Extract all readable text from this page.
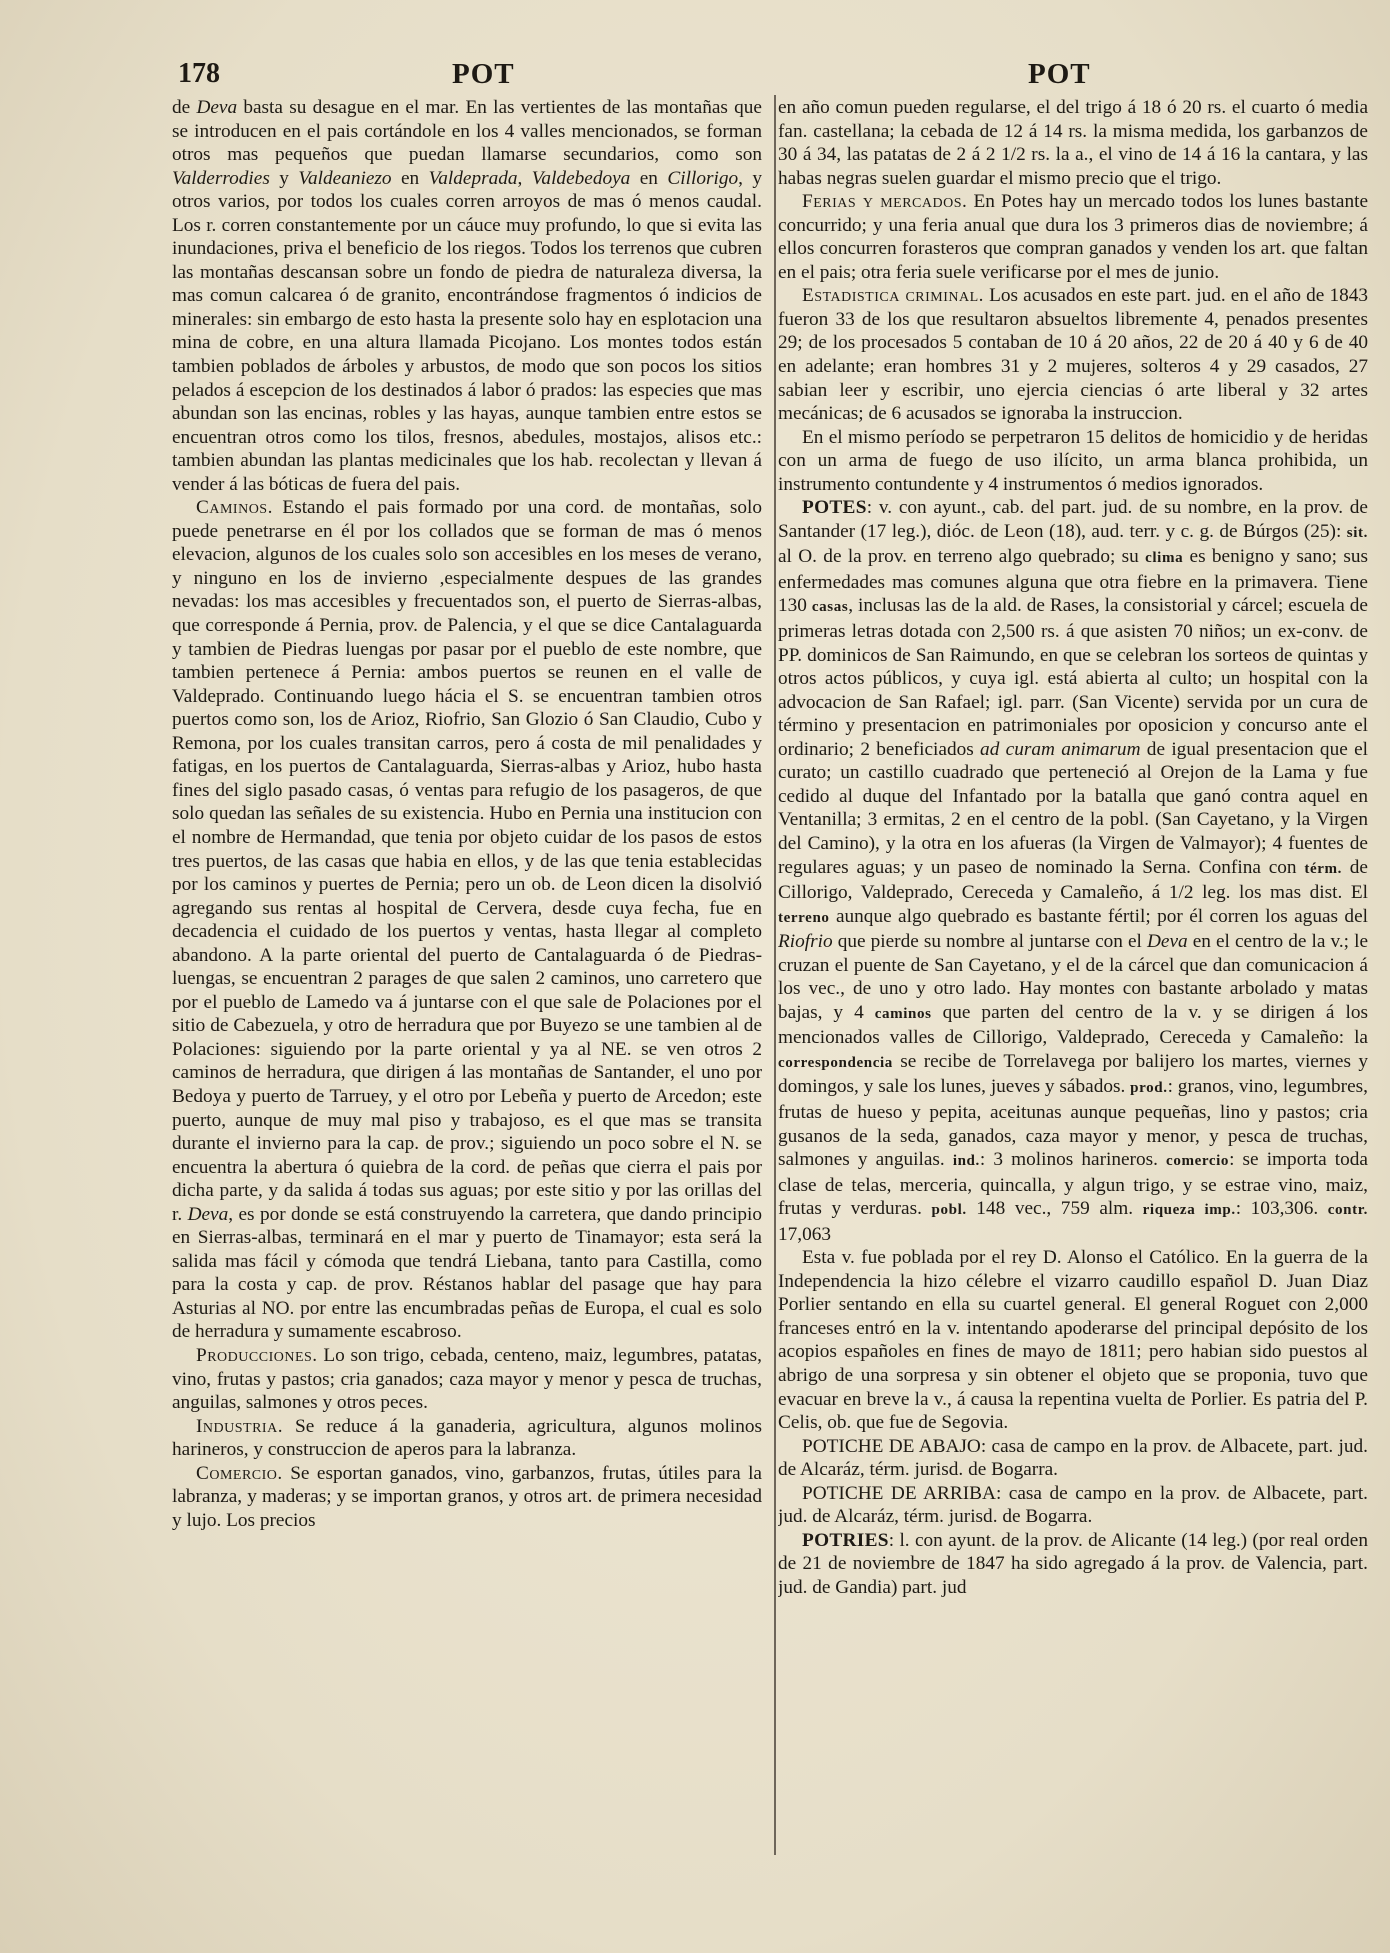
178	POT	POT

de Deva basta su desague en el mar. En las vertientes de las montañas que se introducen en el pais cortándole en los 4 valles mencionados, se forman otros mas pequeños que puedan llamarse secundarios, como son Valderrodies y Valdeaniezo en Valdeprada, Valdebedoya en Cillorigo, y otros varios, por todos los cuales corren arroyos de mas ó menos caudal. Los r. corren constantemente por un cáuce muy profundo, lo que si evita las inundaciones, priva el beneficio de los riegos. Todos los terrenos que cubren las montañas descansan sobre un fondo de piedra de naturaleza diversa, la mas comun calcarea ó de granito, encontrándose fragmentos ó indicios de minerales: sin embargo de esto hasta la presente solo hay en esplotacion una mina de cobre, en una altura llamada Picojano. Los montes todos están tambien poblados de árboles y arbustos, de modo que son pocos los sitios pelados á escepcion de los destinados á labor ó prados: las especies que mas abundan son las encinas, robles y las hayas, aunque tambien entre estos se encuentran otros como los tilos, fresnos, abedules, mostajos, alisos etc.: tambien abundan las plantas medicinales que los hab. recolectan y llevan á vender á las bóticas de fuera del pais.

Caminos. Estando el pais formado por una cord. de montañas, solo puede penetrarse en él por los collados que se forman de mas ó menos elevacion, algunos de los cuales solo son accesibles en los meses de verano, y ninguno en los de invierno ,especialmente despues de las grandes nevadas: los mas accesibles y frecuentados son, el puerto de Sierras-albas, que corresponde á Pernia, prov. de Palencia, y el que se dice Cantalaguarda y tambien de Piedras luengas por pasar por el pueblo de este nombre, que tambien pertenece á Pernia: ambos puertos se reunen en el valle de Valdeprado. Continuando luego hácia el S. se encuentran tambien otros puertos como son, los de Arioz, Riofrio, San Glozio ó San Claudio, Cubo y Remona, por los cuales transitan carros, pero á costa de mil penalidades y fatigas, en los puertos de Cantalaguarda, Sierras-albas y Arioz, hubo hasta fines del siglo pasado casas, ó ventas para refugio de los pasageros, de que solo quedan las señales de su existencia. Hubo en Pernia una institucion con el nombre de Hermandad, que tenia por objeto cuidar de los pasos de estos tres puertos, de las casas que habia en ellos, y de las que tenia establecidas por los caminos y puertes de Pernia; pero un ob. de Leon dicen la disolvió agregando sus rentas al hospital de Cervera, desde cuya fecha, fue en decadencia el cuidado de los puertos y ventas, hasta llegar al completo abandono. A la parte oriental del puerto de Cantalaguarda ó de Piedras-luengas, se encuentran 2 parages de que salen 2 caminos, uno carretero que por el pueblo de Lamedo va á juntarse con el que sale de Polaciones por el sitio de Cabezuela, y otro de herradura que por Buyezo se une tambien al de Polaciones: siguiendo por la parte oriental y ya al NE. se ven otros 2 caminos de herradura, que dirigen á las montañas de Santander, el uno por Bedoya y puerto de Tarruey, y el otro por Lebeña y puerto de Arcedon; este puerto, aunque de muy mal piso y trabajoso, es el que mas se transita durante el invierno para la cap. de prov.; siguiendo un poco sobre el N. se encuentra la abertura ó quiebra de la cord. de peñas que cierra el pais por dicha parte, y da salida á todas sus aguas; por este sitio y por las orillas del r. Deva, es por donde se está construyendo la carretera, que dando principio en Sierras-albas, terminará en el mar y puerto de Tinamayor; esta será la salida mas fácil y cómoda que tendrá Liebana, tanto para Castilla, como para la costa y cap. de prov. Réstanos hablar del pasage que hay para Asturias al NO. por entre las encumbradas peñas de Europa, el cual es solo de herradura y sumamente escabroso.

Producciones. Lo son trigo, cebada, centeno, maiz, legumbres, patatas, vino, frutas y pastos; cria ganados; caza mayor y menor y pesca de truchas, anguilas, salmones y otros peces.

Industria. Se reduce á la ganaderia, agricultura, algunos molinos harineros, y construccion de aperos para la labranza.

Comercio. Se esportan ganados, vino, garbanzos, frutas, útiles para la labranza, y maderas; y se importan granos, y otros art. de primera necesidad y lujo. Los precios

en año comun pueden regularse, el del trigo á 18 ó 20 rs. el cuarto ó media fan. castellana; la cebada de 12 á 14 rs. la misma medida, los garbanzos de 30 á 34, las patatas de 2 á 2 1/2 rs. la a., el vino de 14 á 16 la cantara, y las habas negras suelen guardar el mismo precio que el trigo.

Ferias y mercados. En Potes hay un mercado todos los lunes bastante concurrido; y una feria anual que dura los 3 primeros dias de noviembre; á ellos concurren forasteros que compran ganados y venden los art. que faltan en el pais; otra feria suele verificarse por el mes de junio.

Estadistica criminal. Los acusados en este part. jud. en el año de 1843 fueron 33 de los que resultaron absueltos libremente 4, penados presentes 29; de los procesados 5 contaban de 10 á 20 años, 22 de 20 á 40 y 6 de 40 en adelante; eran hombres 31 y 2 mujeres, solteros 4 y 29 casados, 27 sabian leer y escribir, uno ejercia ciencias ó arte liberal y 32 artes mecánicas; de 6 acusados se ignoraba la instruccion.

En el mismo período se perpetraron 15 delitos de homicidio y de heridas con un arma de fuego de uso ilícito, un arma blanca prohibida, un instrumento contundente y 4 instrumentos ó medios ignorados.

POTES: v. con ayunt., cab. del part. jud. de su nombre, en la prov. de Santander (17 leg.), dióc. de Leon (18), aud. terr. y c. g. de Búrgos (25): sit. al O. de la prov. en terreno algo quebrado; su clima es benigno y sano; sus enfermedades mas comunes alguna que otra fiebre en la primavera. Tiene 130 casas, inclusas las de la ald. de Rases, la consistorial y cárcel; escuela de primeras letras dotada con 2,500 rs. á que asisten 70 niños; un ex-conv. de PP. dominicos de San Raimundo, en que se celebran los sorteos de quintas y otros actos públicos, y cuya igl. está abierta al culto; un hospital con la advocacion de San Rafael; igl. parr. (San Vicente) servida por un cura de término y presentacion en patrimoniales por oposicion y concurso ante el ordinario; 2 beneficiados ad curam animarum de igual presentacion que el curato; un castillo cuadrado que perteneció al Orejon de la Lama y fue cedido al duque del Infantado por la batalla que ganó contra aquel en Ventanilla; 3 ermitas, 2 en el centro de la pobl. (San Cayetano, y la Virgen del Camino), y la otra en los afueras (la Virgen de Valmayor); 4 fuentes de regulares aguas; y un paseo de nominado la Serna. Confina con térm. de Cillorigo, Valdeprado, Cereceda y Camaleño, á 1/2 leg. los mas dist. El terreno aunque algo quebrado es bastante fértil; por él corren los aguas del Riofrio que pierde su nombre al juntarse con el Deva en el centro de la v.; le cruzan el puente de San Cayetano, y el de la cárcel que dan comunicacion á los vec., de uno y otro lado. Hay montes con bastante arbolado y matas bajas, y 4 caminos que parten del centro de la v. y se dirigen á los mencionados valles de Cillorigo, Valdeprado, Cereceda y Camaleño: la correspondencia se recibe de Torrelavega por balijero los martes, viernes y domingos, y sale los lunes, jueves y sábados. prod.: granos, vino, legumbres, frutas de hueso y pepita, aceitunas aunque pequeñas, lino y pastos; cria gusanos de la seda, ganados, caza mayor y menor, y pesca de truchas, salmones y anguilas. ind.: 3 molinos harineros. comercio: se importa toda clase de telas, merceria, quincalla, y algun trigo, y se estrae vino, maiz, frutas y verduras. pobl. 148 vec., 759 alm. riqueza imp.: 103,306. contr. 17,063

Esta v. fue poblada por el rey D. Alonso el Católico. En la guerra de la Independencia la hizo célebre el vizarro caudillo español D. Juan Diaz Porlier sentando en ella su cuartel general. El general Roguet con 2,000 franceses entró en la v. intentando apoderarse del principal depósito de los acopios españoles en fines de mayo de 1811; pero habian sido puestos al abrigo de una sorpresa y sin obtener el objeto que se proponia, tuvo que evacuar en breve la v., á causa la repentina vuelta de Porlier. Es patria del P. Celis, ob. que fue de Segovia.

POTICHE DE ABAJO: casa de campo en la prov. de Albacete, part. jud. de Alcaráz, térm. jurisd. de Bogarra.

POTICHE DE ARRIBA: casa de campo en la prov. de Albacete, part. jud. de Alcaráz, térm. jurisd. de Bogarra.

POTRIES: l. con ayunt. de la prov. de Alicante (14 leg.) (por real orden de 21 de noviembre de 1847 ha sido agregado á la prov. de Valencia, part. jud. de Gandia) part. jud
